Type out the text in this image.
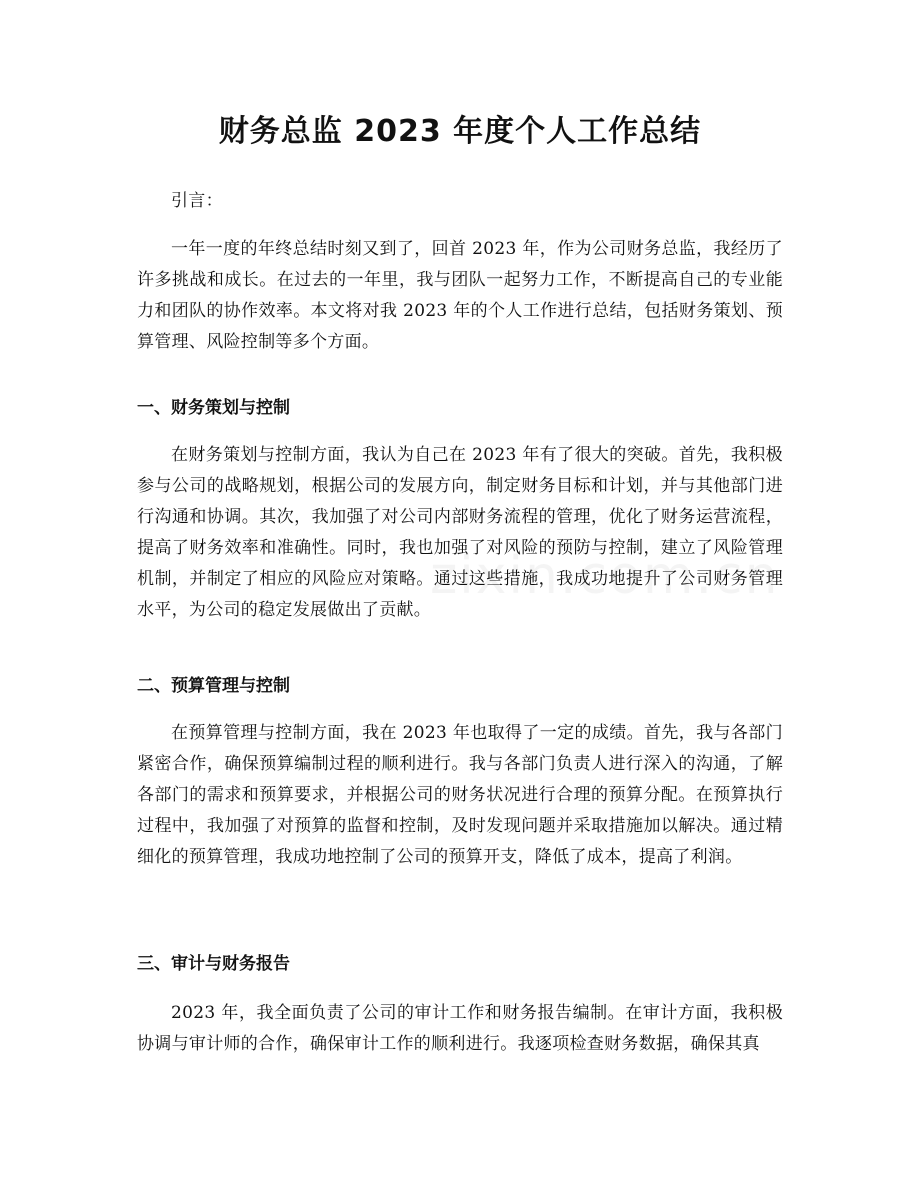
财务总监 2023 年度个人工作总结

引言：

一年一度的年终总结时刻又到了，回首 2023 年，作为公司财务总监，我经历了许多挑战和成长。在过去的一年里，我与团队一起努力工作，不断提高自己的专业能力和团队的协作效率。本文将对我 2023 年的个人工作进行总结，包括财务策划、预算管理、风险控制等多个方面。

一、财务策划与控制

在财务策划与控制方面，我认为自己在 2023 年有了很大的突破。首先，我积极参与公司的战略规划，根据公司的发展方向，制定财务目标和计划，并与其他部门进行沟通和协调。其次，我加强了对公司内部财务流程的管理，优化了财务运营流程，提高了财务效率和准确性。同时，我也加强了对风险的预防与控制，建立了风险管理机制，并制定了相应的风险应对策略。通过这些措施，我成功地提升了公司财务管理水平，为公司的稳定发展做出了贡献。

二、预算管理与控制

在预算管理与控制方面，我在 2023 年也取得了一定的成绩。首先，我与各部门紧密合作，确保预算编制过程的顺利进行。我与各部门负责人进行深入的沟通，了解各部门的需求和预算要求，并根据公司的财务状况进行合理的预算分配。在预算执行过程中，我加强了对预算的监督和控制，及时发现问题并采取措施加以解决。通过精细化的预算管理，我成功地控制了公司的预算开支，降低了成本，提高了利润。

三、审计与财务报告

2023 年，我全面负责了公司的审计工作和财务报告编制。在审计方面，我积极协调与审计师的合作，确保审计工作的顺利进行。我逐项检查财务数据，确保其真
